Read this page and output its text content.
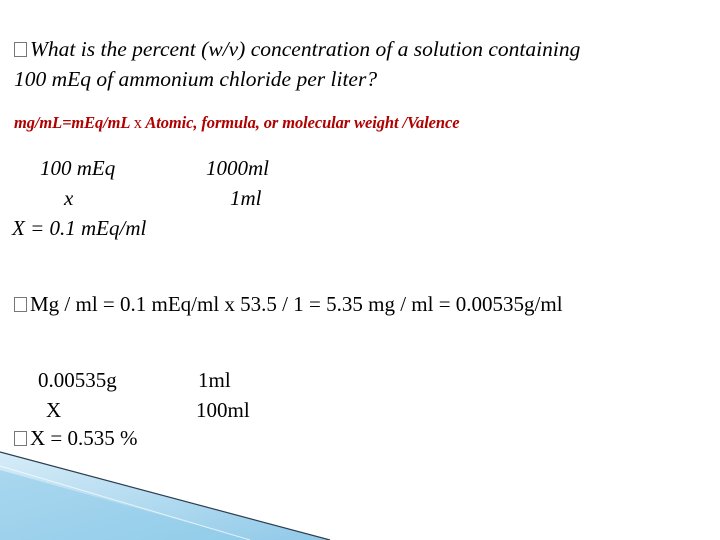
What is the percent (w/v) concentration of a solution containing
100 mEq of ammonium chloride per liter?
mg/mL=mEq/mL x Atomic, formula, or molecular weight /Valence
100 mEq	1000ml
x	1ml
X = 0.1 mEq/ml
Mg / ml = 0.1 mEq/ml x 53.5 / 1 = 5.35 mg / ml = 0.00535g/ml
0.00535g	1ml
X	100ml
X = 0.535 %
